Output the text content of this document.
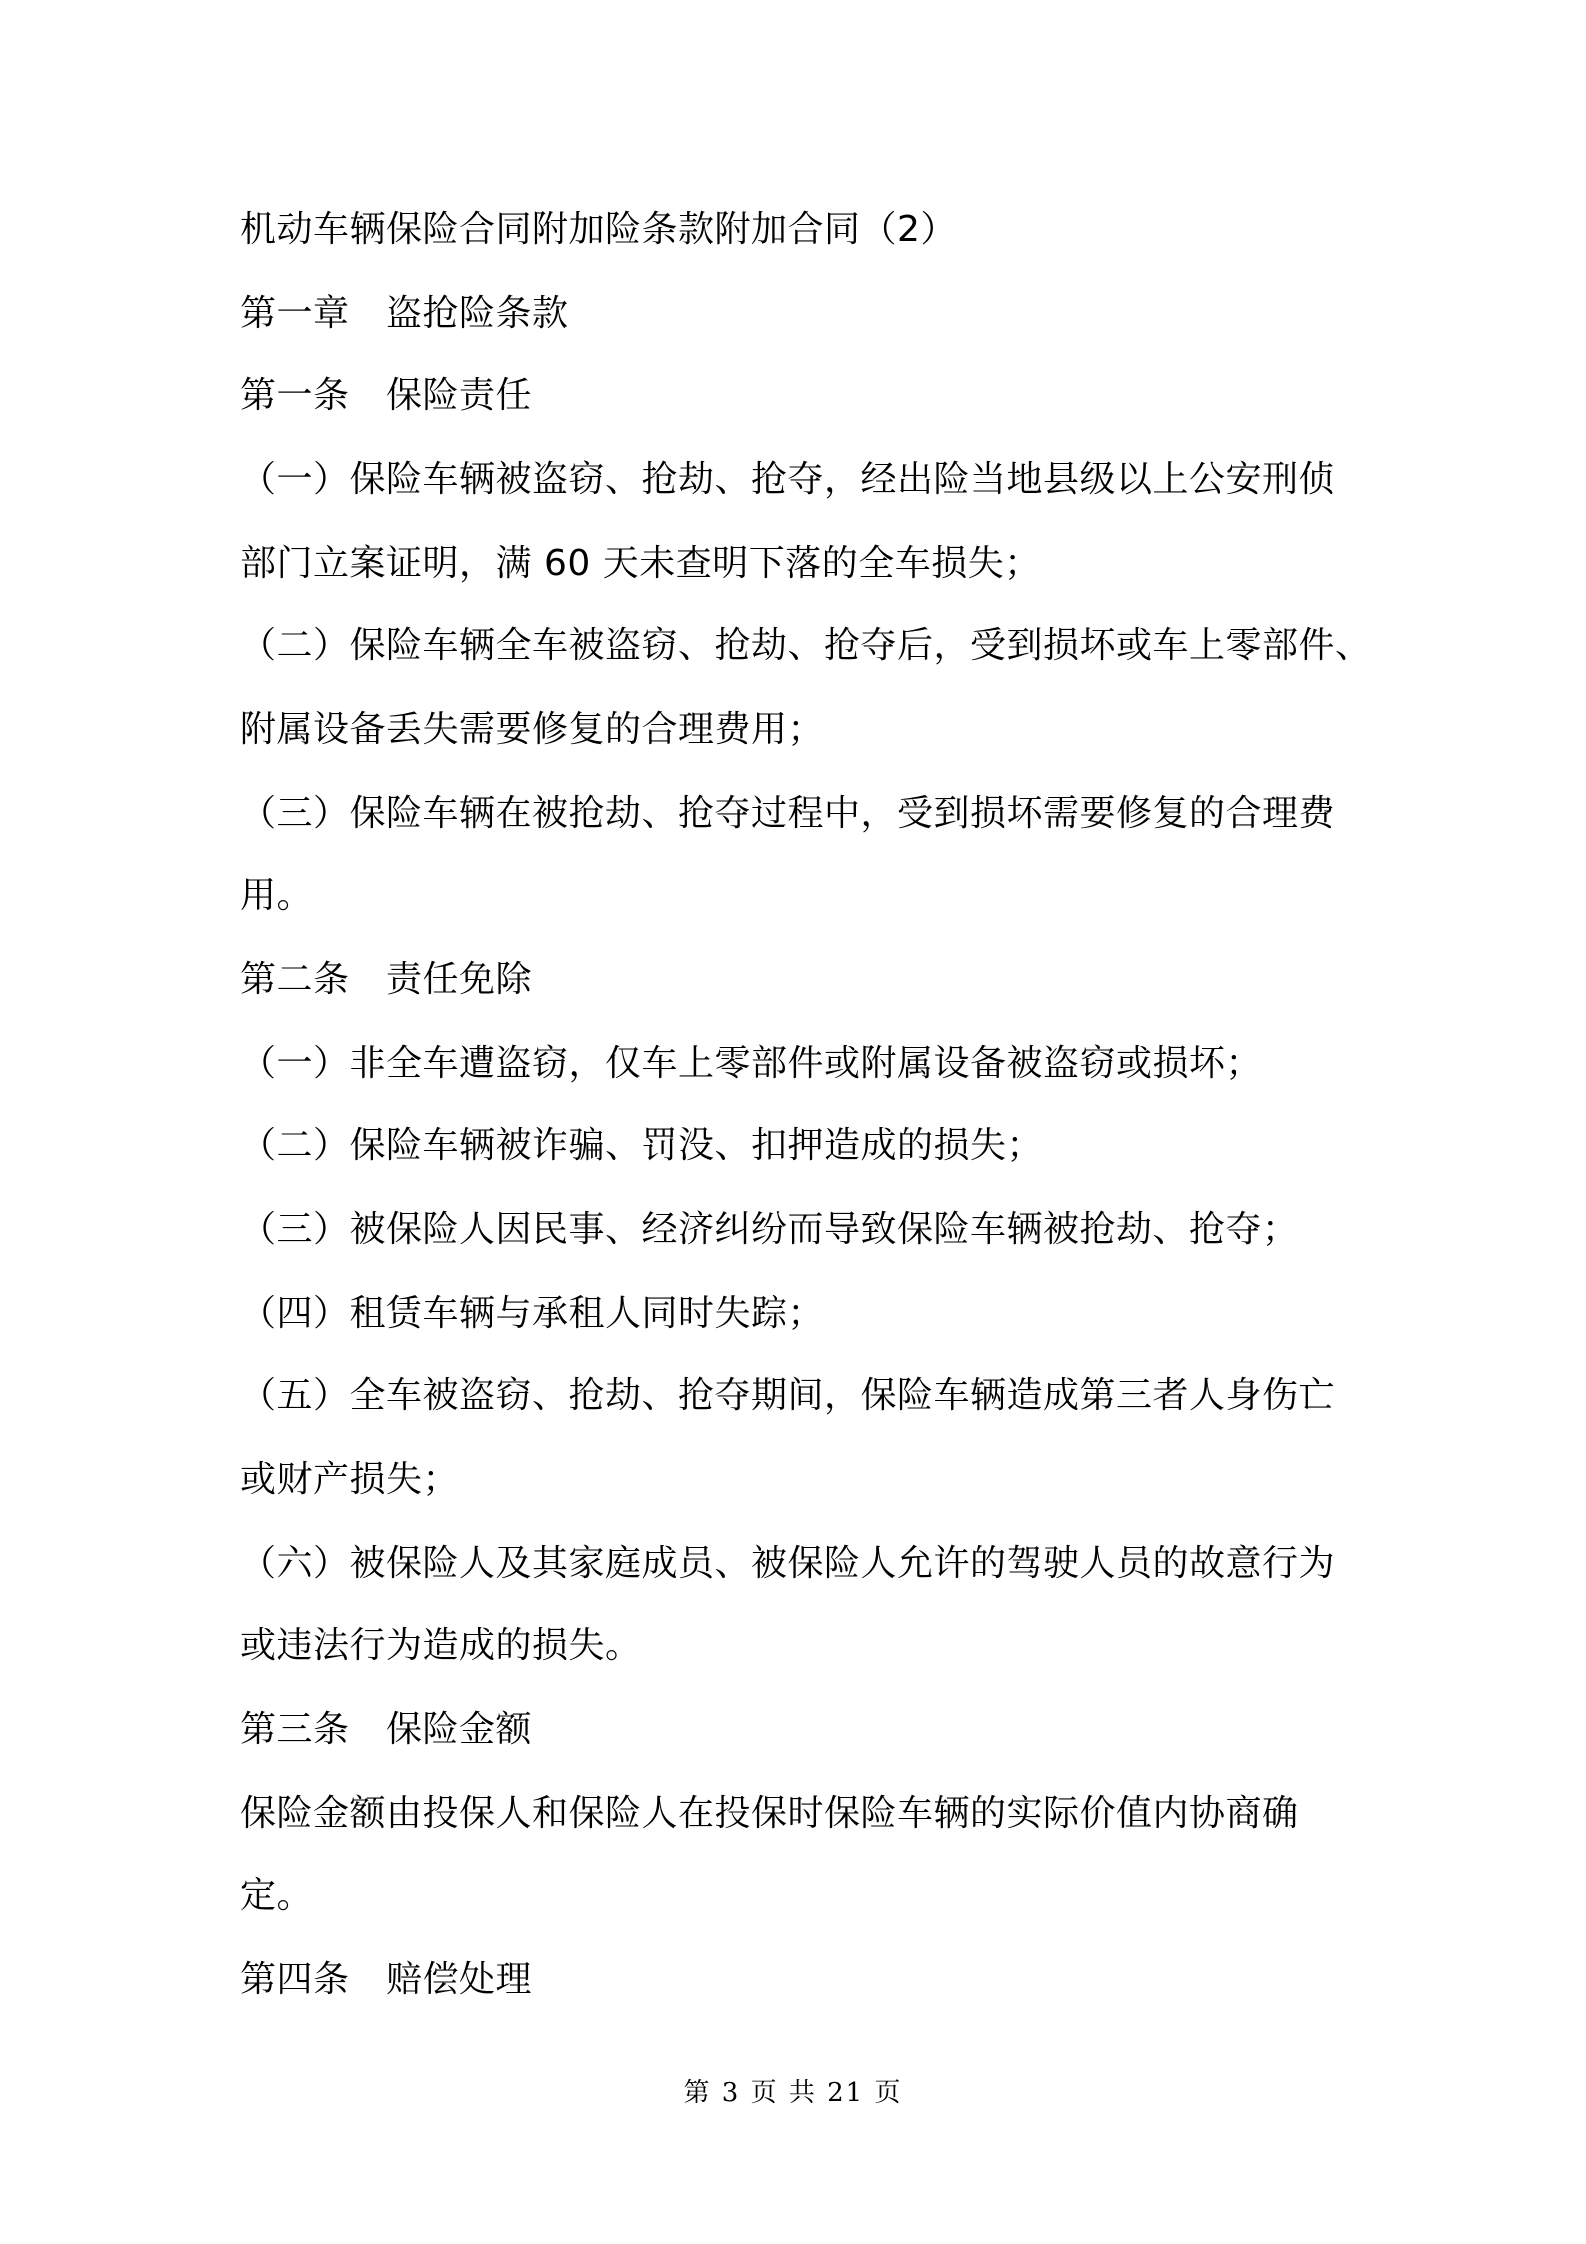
机动车辆保险合同附加险条款附加合同（2）
第一章　盗抢险条款
第一条　保险责任
（一）保险车辆被盗窃、抢劫、抢夺，经出险当地县级以上公安刑侦
部门立案证明，满 60 天未查明下落的全车损失；
（二）保险车辆全车被盗窃、抢劫、抢夺后，受到损坏或车上零部件、
附属设备丢失需要修复的合理费用；
（三）保险车辆在被抢劫、抢夺过程中，受到损坏需要修复的合理费
用。
第二条　责任免除
（一）非全车遭盗窃，仅车上零部件或附属设备被盗窃或损坏；
（二）保险车辆被诈骗、罚没、扣押造成的损失；
（三）被保险人因民事、经济纠纷而导致保险车辆被抢劫、抢夺；
（四）租赁车辆与承租人同时失踪；
（五）全车被盗窃、抢劫、抢夺期间，保险车辆造成第三者人身伤亡
或财产损失；
（六）被保险人及其家庭成员、被保险人允许的驾驶人员的故意行为
或违法行为造成的损失。
第三条　保险金额
保险金额由投保人和保险人在投保时保险车辆的实际价值内协商确
定。
第四条　赔偿处理
第 3 页 共 21 页
